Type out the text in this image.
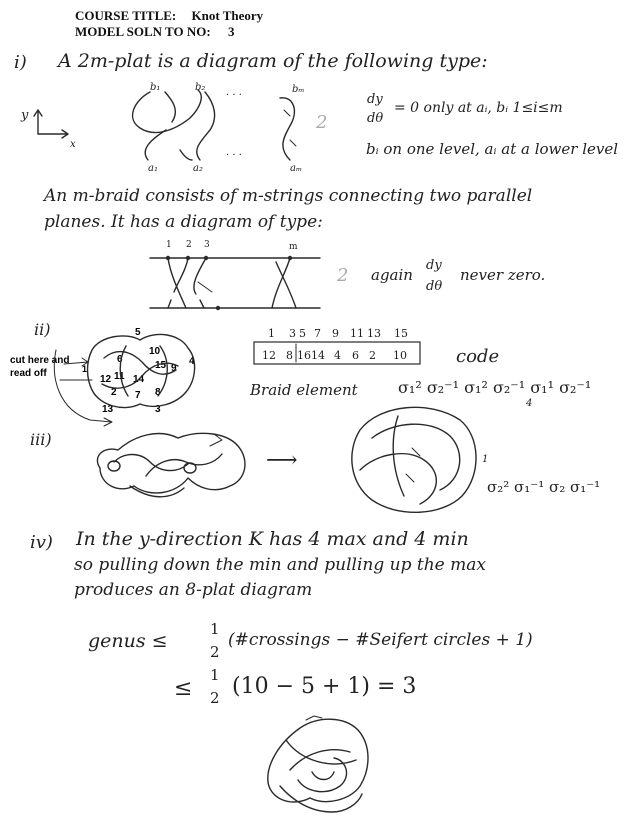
COURSE TITLE: Knot Theory
MODEL SOLN TO NO: 3
i) A 2m-plat is a diagram of the following type:
y
x
b₁	b₂
· · ·
bₘ
a₁	a₂
· · ·
aₘ
2
dy
dθ
= 0 only at aᵢ, bᵢ 1≤i≤m
bᵢ on one level, aᵢ at a lower level
An m-braid consists of m-strings connecting two parallel
planes. It has a diagram of type:
1 2 3	m
2 again
dy
dθ
never zero.
ii)
cut here and
read off
5
10
6
15 9
4
12 11 14
2 7 8
13	3
1
1 3 5 7 9 11 13 15
12 8 16 14 4 6 2 10	code
Braid element	σ₁² σ₂⁻¹ σ₁² σ₂⁻¹ σ₁¹ σ₂⁻¹
4
iii)
⟶	1
σ₂² σ₁⁻¹ σ₂ σ₁⁻¹
iv) In the y-direction K has 4 max and 4 min
so pulling down the min and pulling up the max
produces an 8-plat diagram
genus ≤
1
2
(#crossings − #Seifert circles + 1)
≤
1
2 (10 − 5 + 1) = 3
